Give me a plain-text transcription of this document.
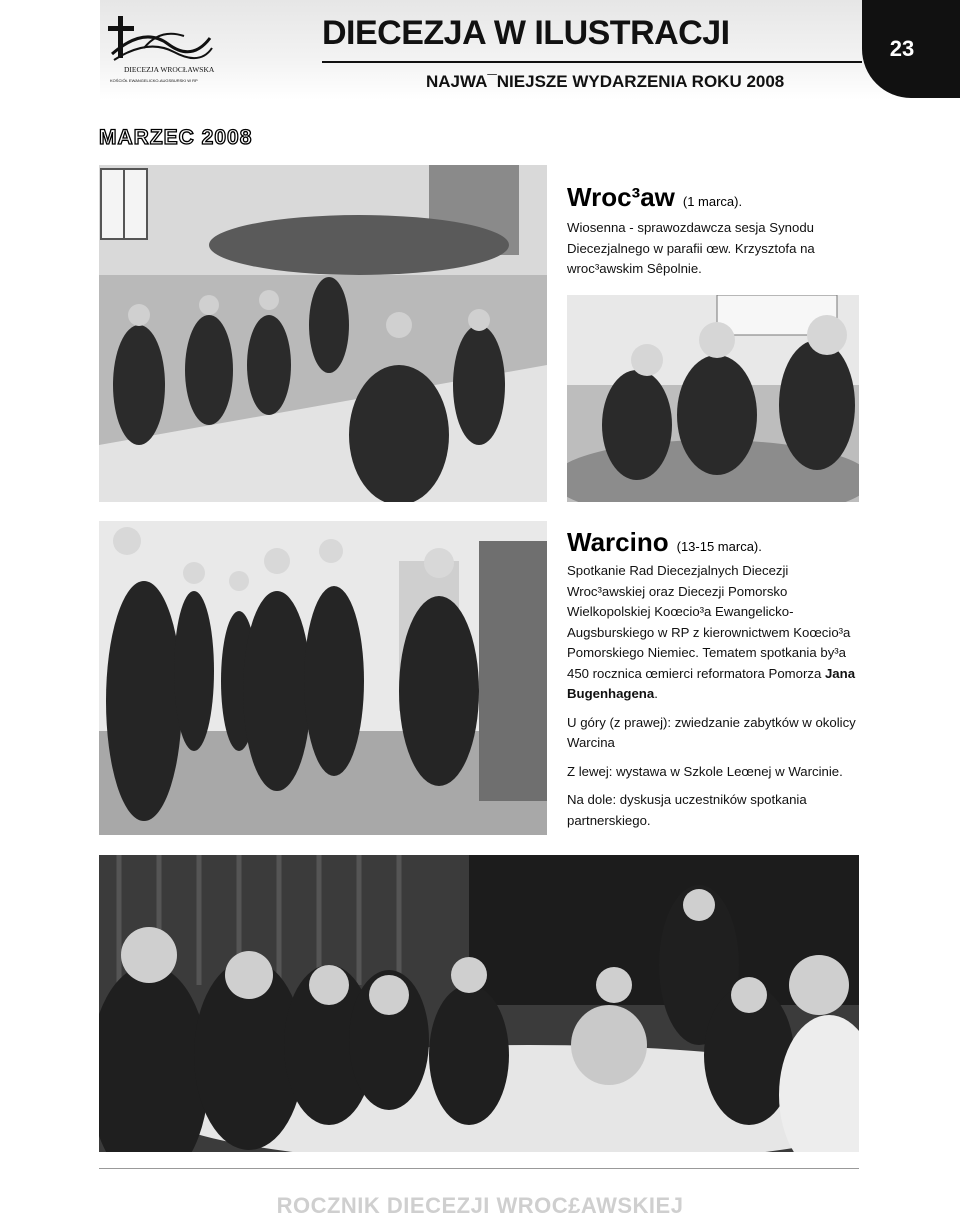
DIECEZJA WROCŁAWSKA
KOŚCIÓŁ EWANGELICKO-AUGSBURSKI W RP
DIECEZJA W ILUSTRACJI
NAJWA¯NIEJSZE WYDARZENIA ROKU 2008
23
MARZEC 2008
Wroc³aw (1 marca).
Wiosenna - sprawozdawcza sesja Synodu Diecezjalnego w parafii œw. Krzysztofa na wroc³awskim Sêpolnie.
Warcino (13-15 marca).

Spotkanie Rad Diecezjalnych Diecezji Wroc³awskiej oraz Diecezji Pomorsko Wielkopolskiej Koœcio³a Ewangelicko-Augsburskiego w RP z kierownictwem Koœcio³a Pomorskiego Niemiec. Tematem spotkania by³a 450 rocznica œmierci reformatora Pomorza Jana Bugenhagena.

U góry (z prawej): zwiedzanie zabytków w okolicy Warcina

Z lewej: wystawa w Szkole Leœnej w Warcinie.

Na dole: dyskusja uczestników spotkania partnerskiego.

ROCZNIK DIECEZJI WROC£AWSKIEJ
